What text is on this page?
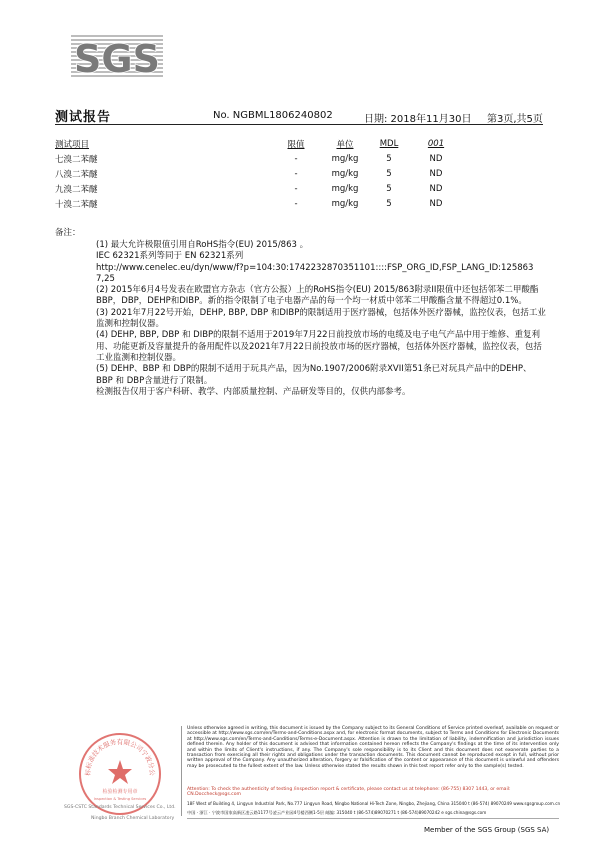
SGS
测试报告	No. NGBML1806240802	日期: 2018年11月30日 第3页,共5页
测试项目	限值	单位	MDL	001
七溴二苯醚	-	mg/kg	5	ND
八溴二苯醚	-	mg/kg	5	ND
九溴二苯醚	-	mg/kg	5	ND
十溴二苯醚	-	mg/kg	5	ND
备注：

(1) 最大允许极限值引用自RoHS指令(EU) 2015/863 。

IEC 62321系列等同于 EN 62321系列

http://www.cenelec.eu/dyn/www/f?p=104:30:1742232870351101::::FSP_ORG_ID,FSP_LANG_ID:125863

7,25

(2) 2015年6月4号发表在欧盟官方杂志（官方公报）上的RoHS指令(EU) 2015/863附录II限值中还包括邻苯二甲酸酯BBP，DBP，DEHP和DIBP。新的指令限制了电子电器产品的每一个均一材质中邻苯二甲酸酯含量不得超过0.1%。

(3) 2021年7月22号开始，DEHP, BBP, DBP 和DIBP的限制适用于医疗器械，包括体外医疗器械，监控仪表，包括工业监测和控制仪器。

(4) DEHP, BBP, DBP 和 DIBP的限制不适用于2019年7月22日前投放市场的电缆及电子电气产品中用于维修、重复利用、功能更新及容量提升的备用配件以及2021年7月22日前投放市场的医疗器械，包括体外医疗器械，监控仪表，包括工业监测和控制仪器。

(5) DEHP、BBP 和 DBP的限制不适用于玩具产品，因为No.1907/2006附录XVII第51条已对玩具产品中的DEHP、BBP 和 DBP含量进行了限制。

检测报告仅用于客户科研、教学、内部质量控制、产品研发等目的，仅供内部参考。

标标准技术服务有限公司宁波分公
检验检测专用章
Inspection & Testing Services
SGS-CSTC Standards Technical Services Co., Ltd.
Ningbo Branch Chemical Laboratory

Unless otherwise agreed in writing, this document is issued by the Company subject to its General Conditions of Service printed overleaf, available on request or accessible at http://www.sgs.com/en/Terms-and-Conditions.aspx and, for electronic format documents, subject to Terms and Conditions for Electronic Documents at http://www.sgs.com/en/Terms-and-Conditions/Terms-e-Document.aspx. Attention is drawn to the limitation of liability, indemnification and jurisdiction issues defined therein. Any holder of this document is advised that information contained hereon reflects the Company's findings at the time of its intervention only and within the limits of Client's instructions, if any. The Company's sole responsibility is to its Client and this document does not exonerate parties to a transaction from exercising all their rights and obligations under the transaction documents. This document cannot be reproduced except in full, without prior written approval of the Company. Any unauthorized alteration, forgery or falsification of the content or appearance of this document is unlawful and offenders may be prosecuted to the fullest extent of the law. Unless otherwise stated the results shown in this test report refer only to the sample(s) tested.

Attention: To check the authenticity of testing /inspection report & certificate, please contact us at telephone: (86-755) 8307 1443, or email: CN.Doccheck@sgs.com

18F West of Building 4, Lingyun Industrial Park, No.777 Lingyun Road, Ningbo National Hi-Tech Zone, Ningbo, Zhejiang, China 315040 t (86-574) 89070249 www.sgsgroup.com.cn
中国 · 浙江 · 宁波市国家高新区凌云路1177号凌云产业园4号楼西侧1-5层 邮编: 315040 t (86-574)89070271 t (86-574)89070242 e sgs.china@sgs.com
Member of the SGS Group (SGS SA)
